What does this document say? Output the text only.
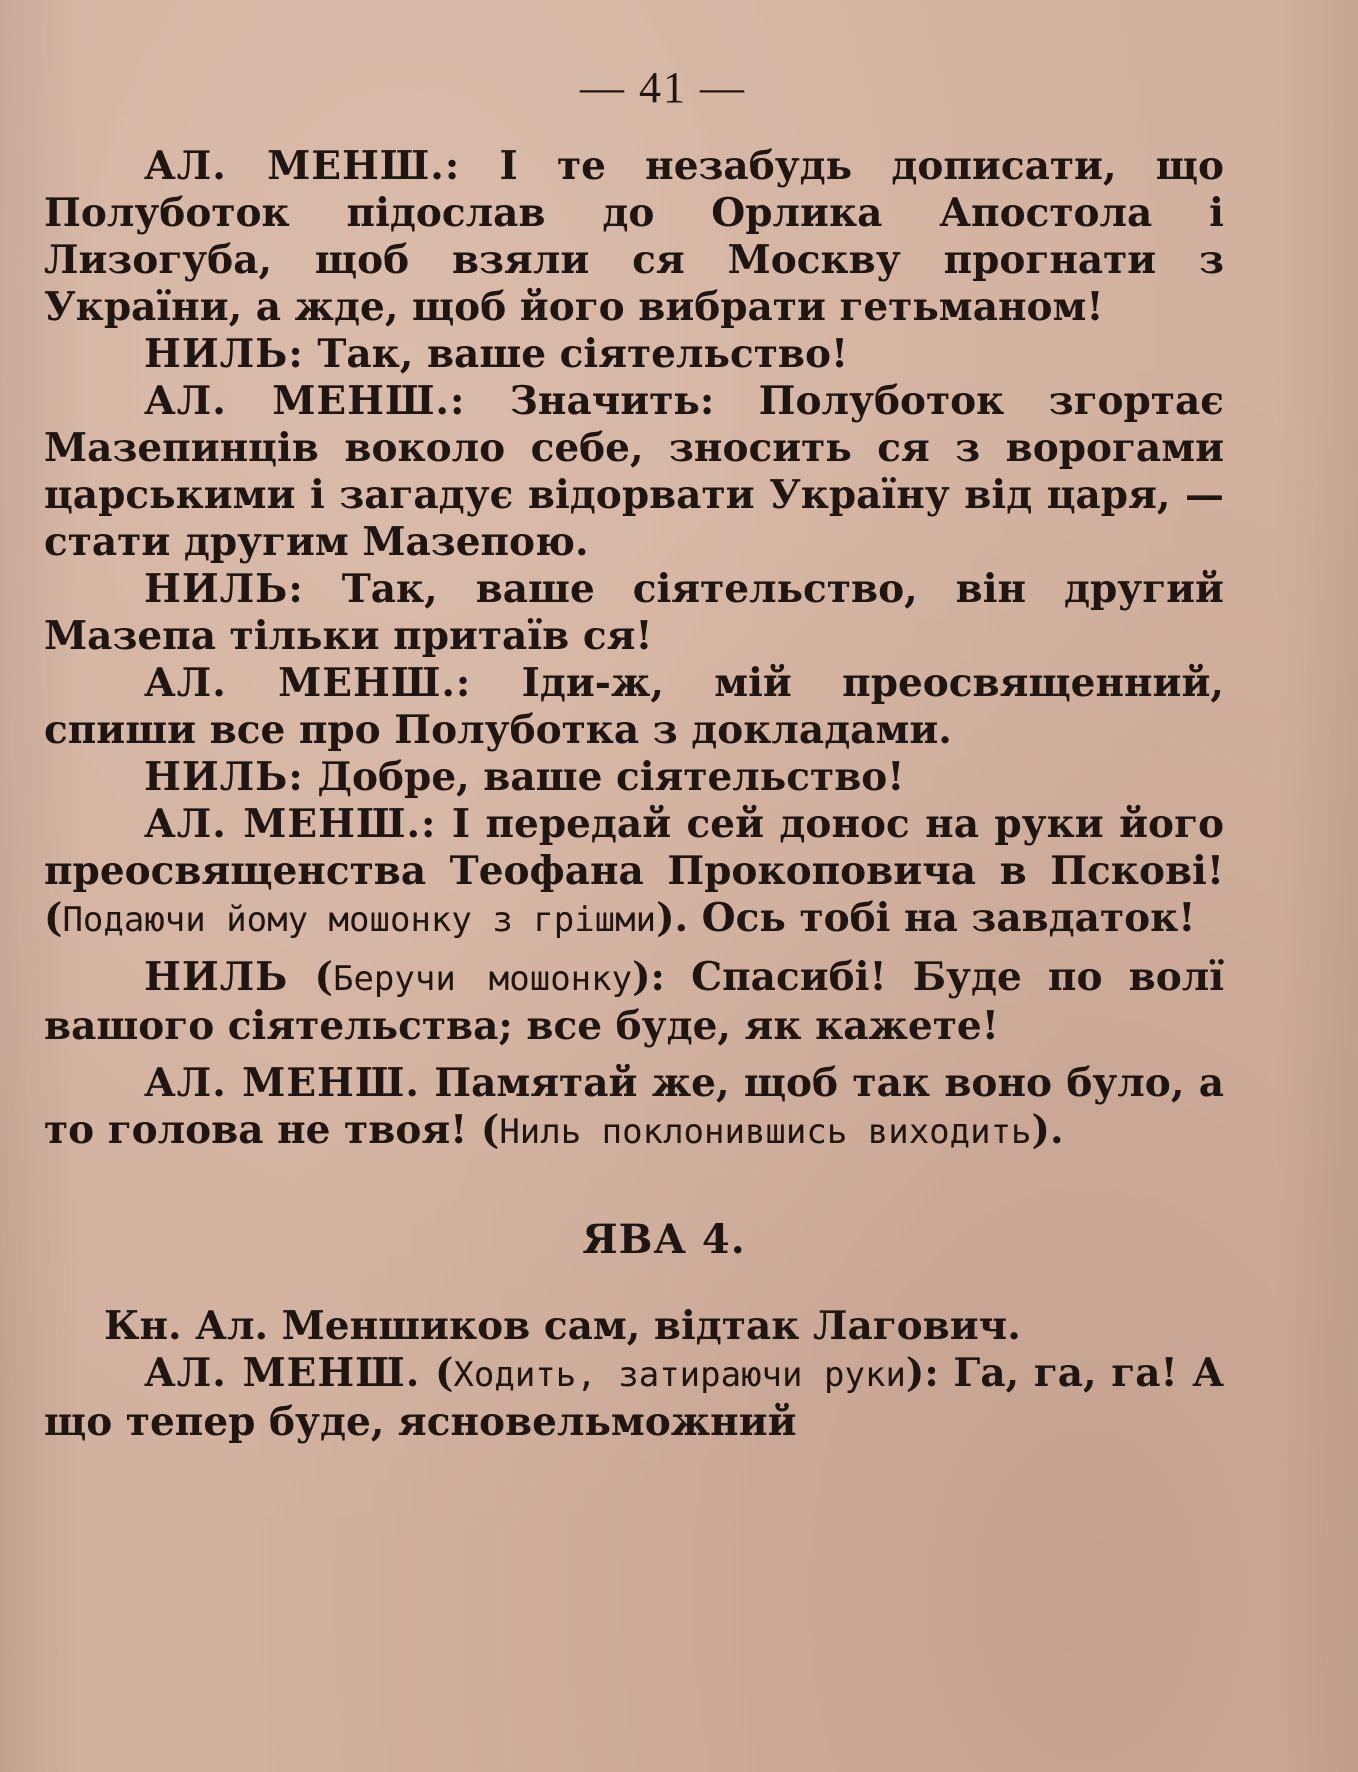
— 41 —

АЛ. МЕНШ.: І те незабудь дописати, що Полуботок підослав до Орлика Апостола і Лизогуба, щоб взяли ся Москву прогнати з України, а жде, щоб його вибрати гетьманом!

НИЛЬ: Так, ваше сіятельство!

АЛ. МЕНШ.: Значить: Полуботок згортає Мазепинців воколо себе, зносить ся з ворогами царськими і загадує відорвати Україну від царя, — стати другим Мазепою.

НИЛЬ: Так, ваше сіятельство, він другий Мазепа тільки притаїв ся!

АЛ. МЕНШ.: Іди-ж, мій преосвященний, спиши все про Полуботка з докладами.

НИЛЬ: Добре, ваше сіятельство!

АЛ. МЕНШ.: І передай сей донос на руки його преосвященства Теофана Прокоповича в Пскові! (Подаючи йому мошонку з грішми). Ось тобі на завдаток!

НИЛЬ (Беручи мошонку): Спасибі! Буде по волї вашого сіятельства; все буде, як кажете!

АЛ. МЕНШ. Памятай же, щоб так воно було, а то голова не твоя! (Ниль поклонившись виходить).

ЯВА 4.

Кн. Ал. Меншиков сам, відтак Лагович.

АЛ. МЕНШ. (Ходить, затираючи руки): Га, га, га! А що тепер буде, ясновельможний
